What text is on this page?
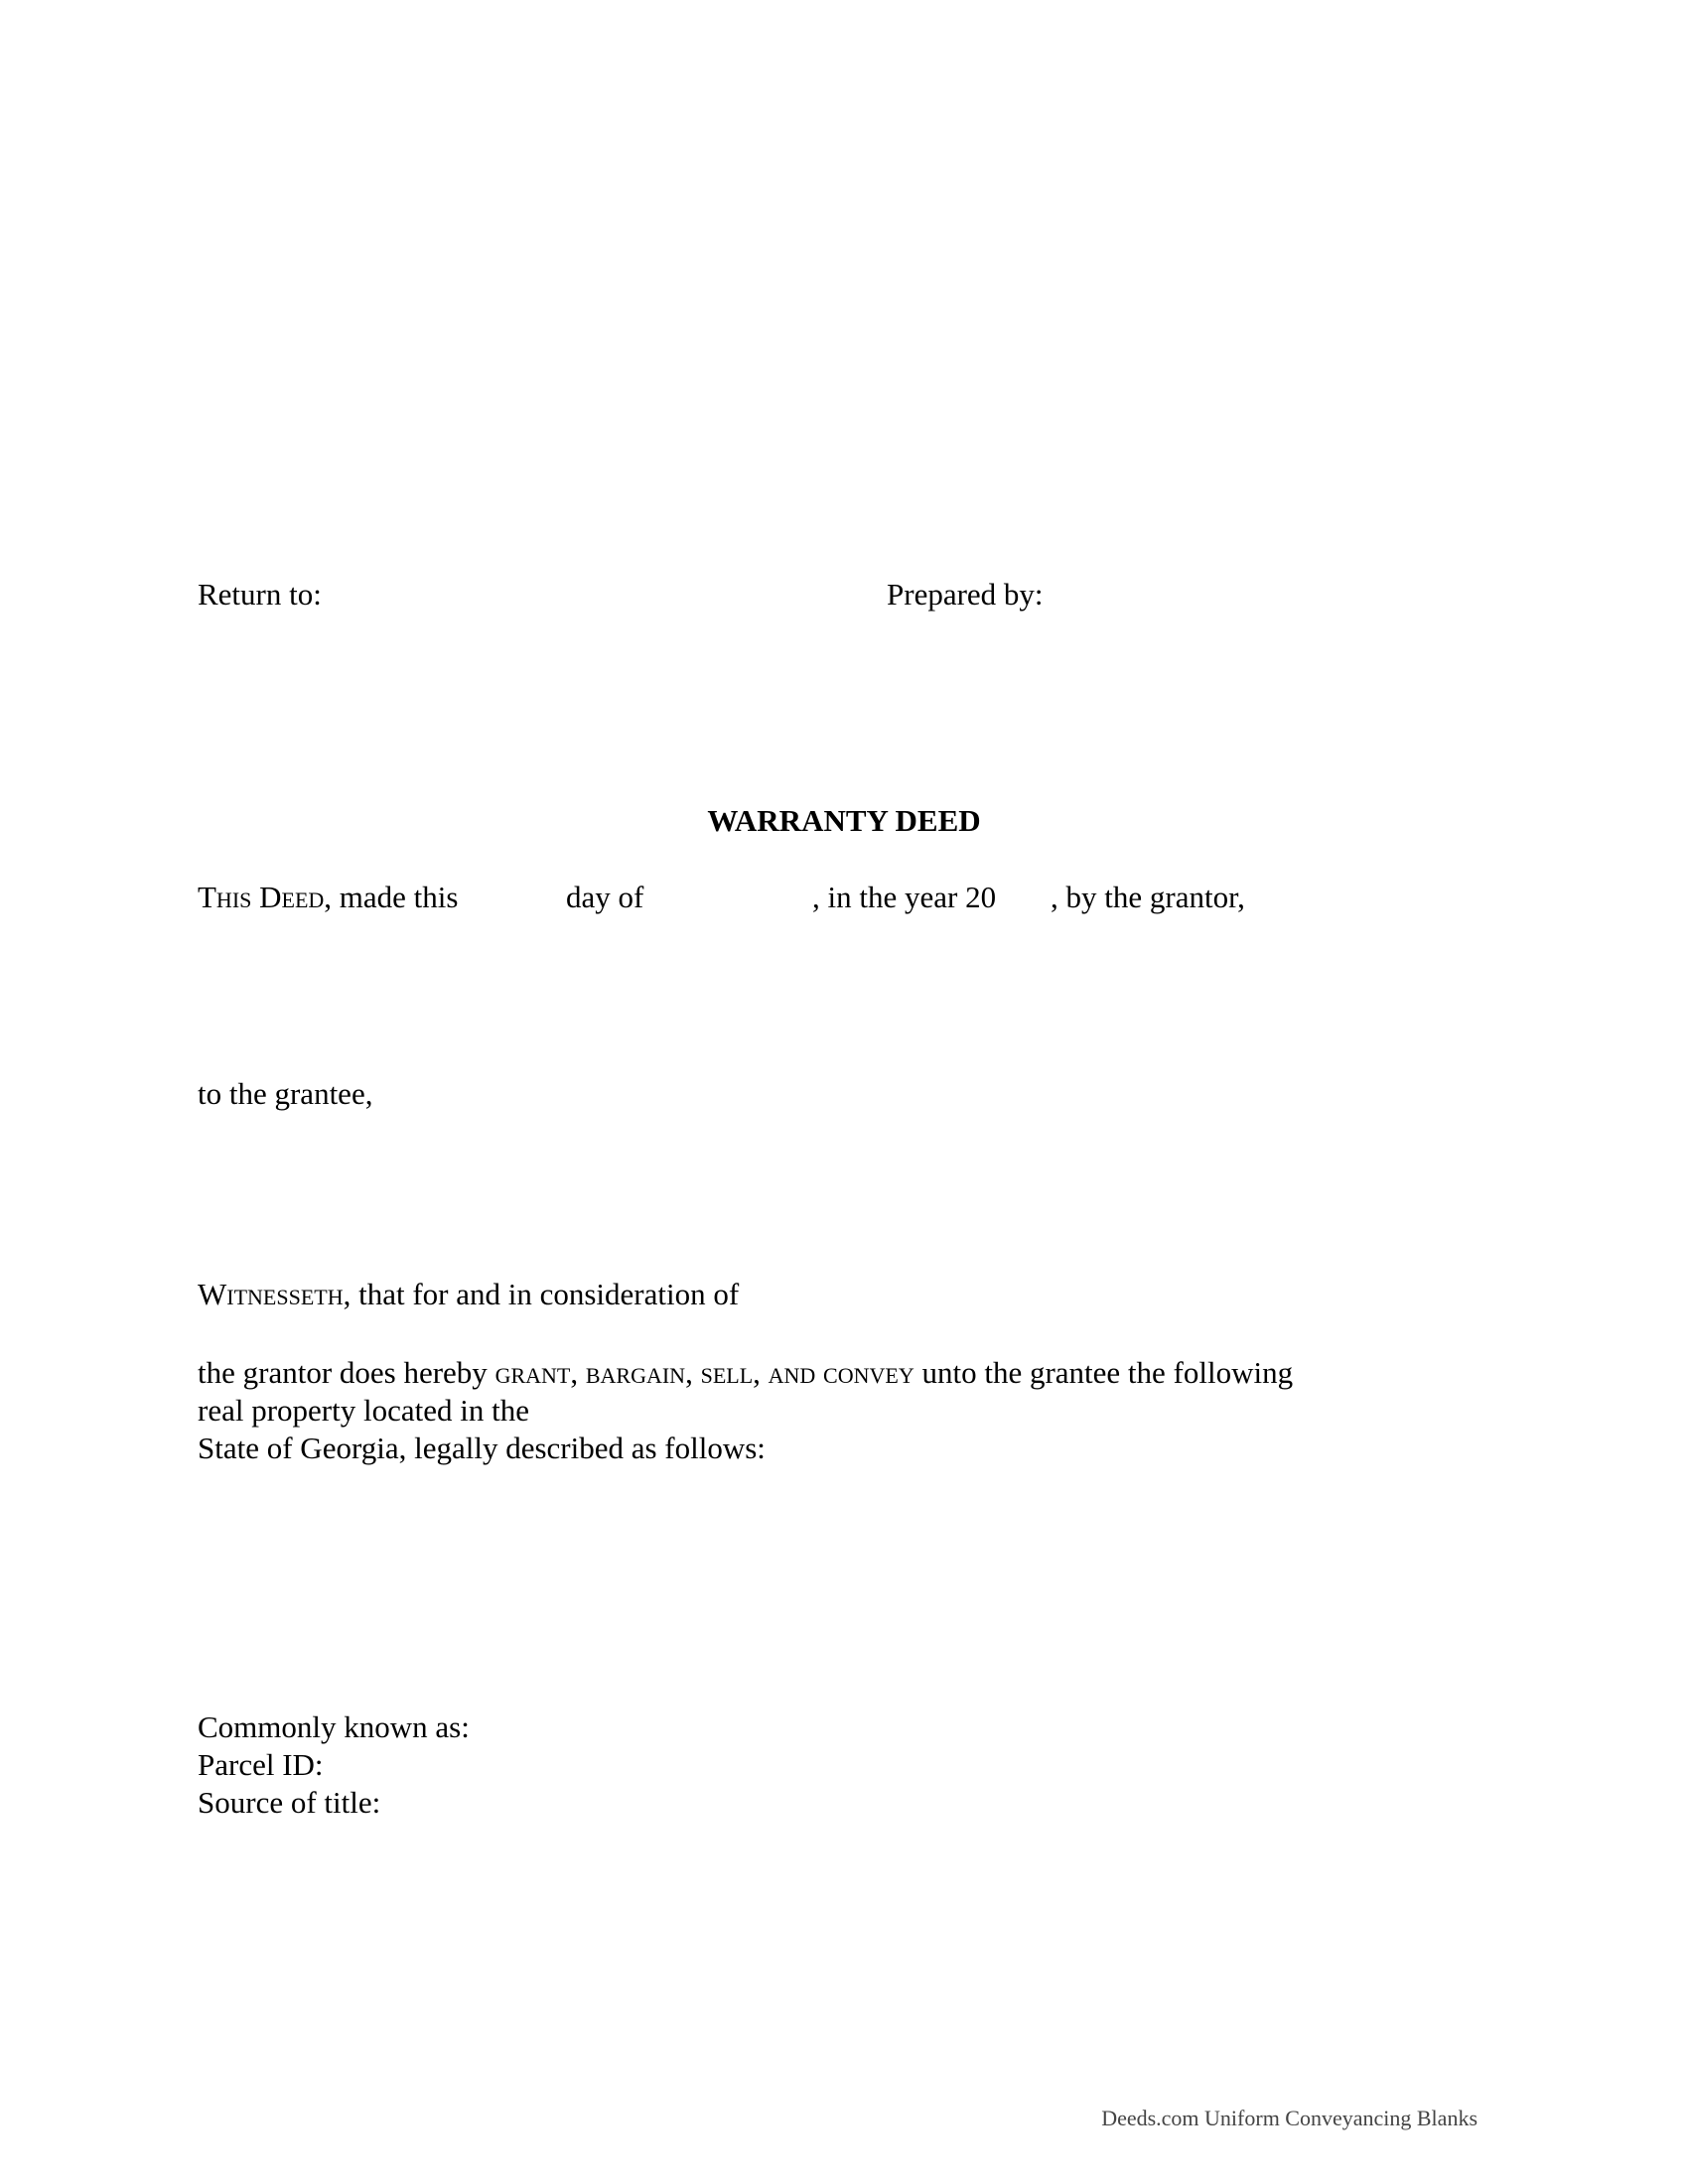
Return to:	Prepared by:
WARRANTY DEED
This Deed, made this	day of	, in the year 20 , by the grantor,
to the grantee,
Witnesseth, that for and in consideration of
the grantor does hereby grant, bargain, sell, and convey unto the grantee the following
real property located in the
State of Georgia, legally described as follows:
Commonly known as:
Parcel ID:
Source of title:
Deeds.com Uniform Conveyancing Blanks
